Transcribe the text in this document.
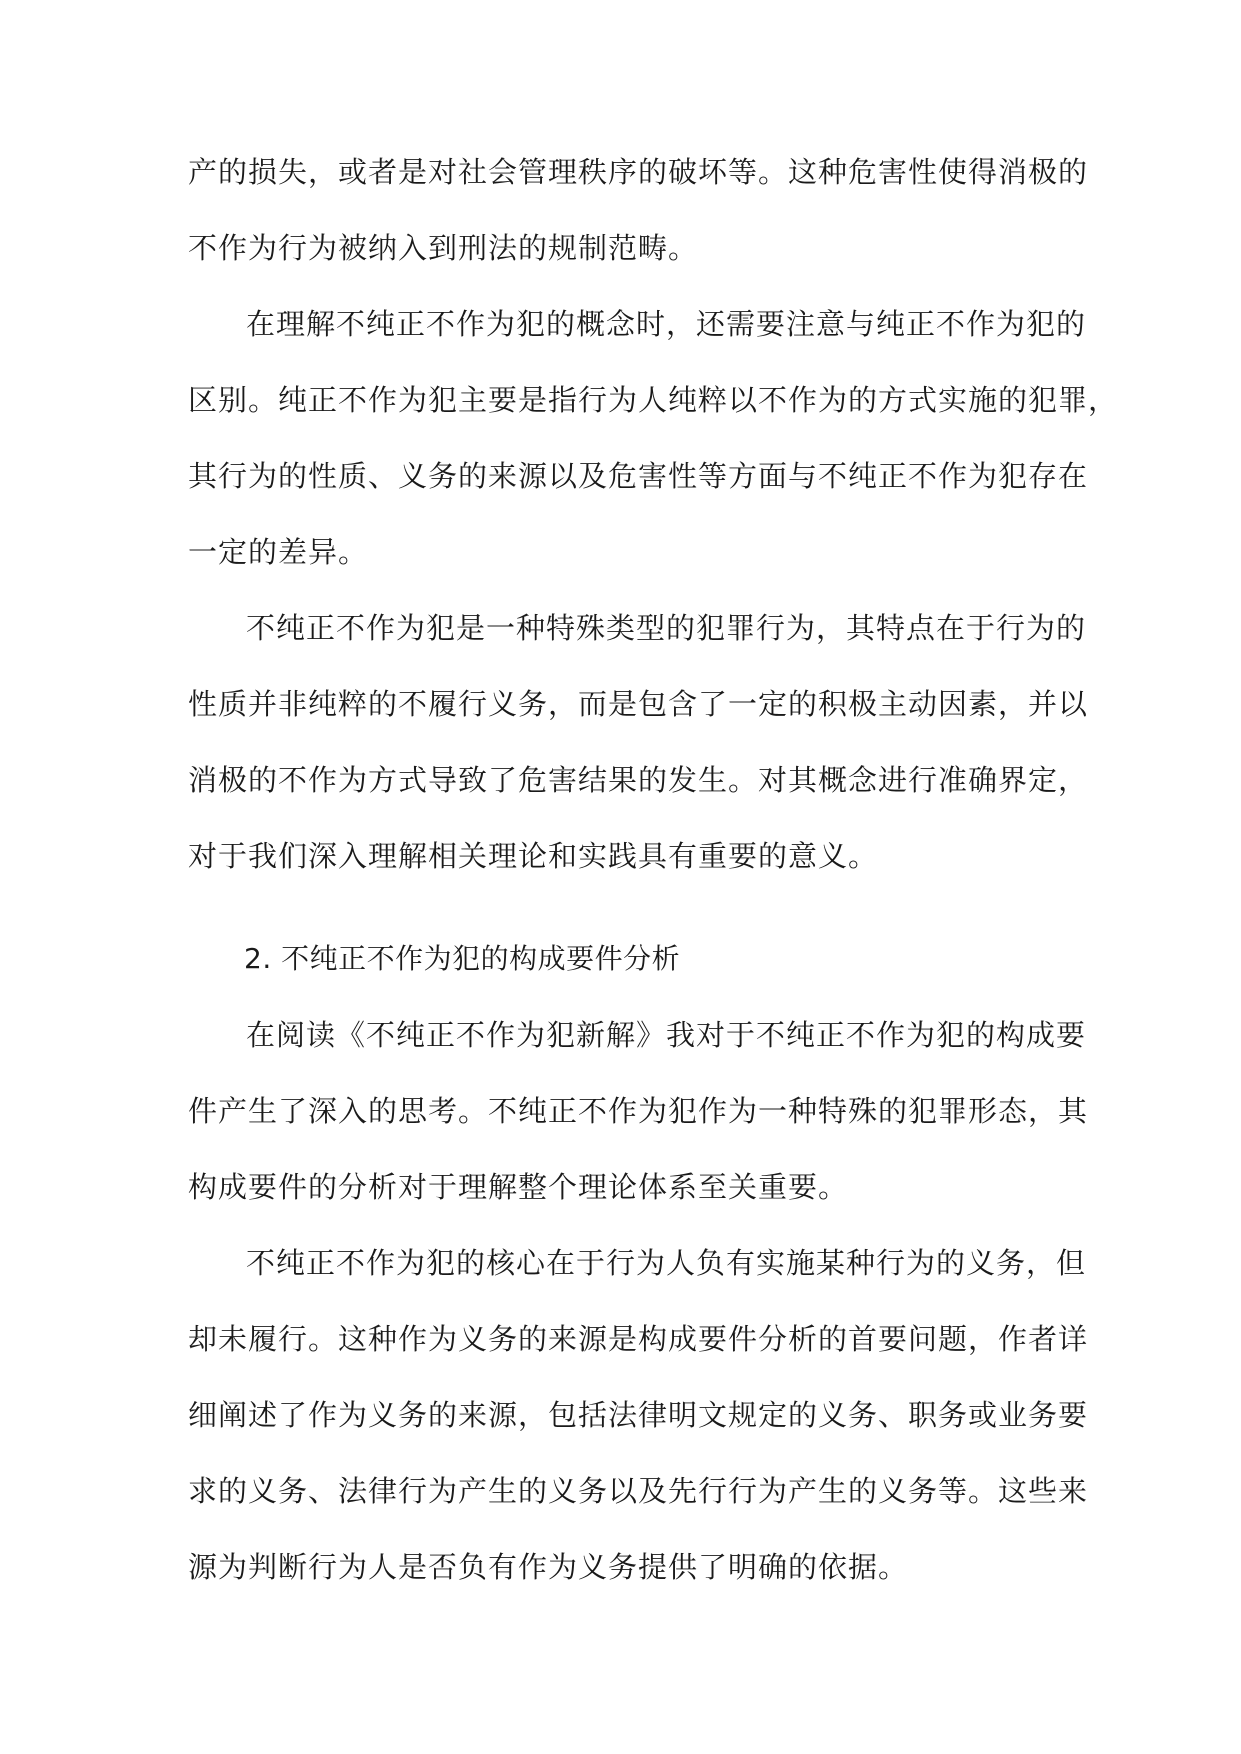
产的损失，或者是对社会管理秩序的破坏等。这种危害性使得消极的
不作为行为被纳入到刑法的规制范畴。
在理解不纯正不作为犯的概念时，还需要注意与纯正不作为犯的
区别。纯正不作为犯主要是指行为人纯粹以不作为的方式实施的犯罪，
其行为的性质、义务的来源以及危害性等方面与不纯正不作为犯存在
一定的差异。
不纯正不作为犯是一种特殊类型的犯罪行为，其特点在于行为的
性质并非纯粹的不履行义务，而是包含了一定的积极主动因素，并以
消极的不作为方式导致了危害结果的发生。对其概念进行准确界定，
对于我们深入理解相关理论和实践具有重要的意义。
2. 不纯正不作为犯的构成要件分析
在阅读《不纯正不作为犯新解》我对于不纯正不作为犯的构成要
件产生了深入的思考。不纯正不作为犯作为一种特殊的犯罪形态，其
构成要件的分析对于理解整个理论体系至关重要。
不纯正不作为犯的核心在于行为人负有实施某种行为的义务，但
却未履行。这种作为义务的来源是构成要件分析的首要问题，作者详
细阐述了作为义务的来源，包括法律明文规定的义务、职务或业务要
求的义务、法律行为产生的义务以及先行行为产生的义务等。这些来
源为判断行为人是否负有作为义务提供了明确的依据。
